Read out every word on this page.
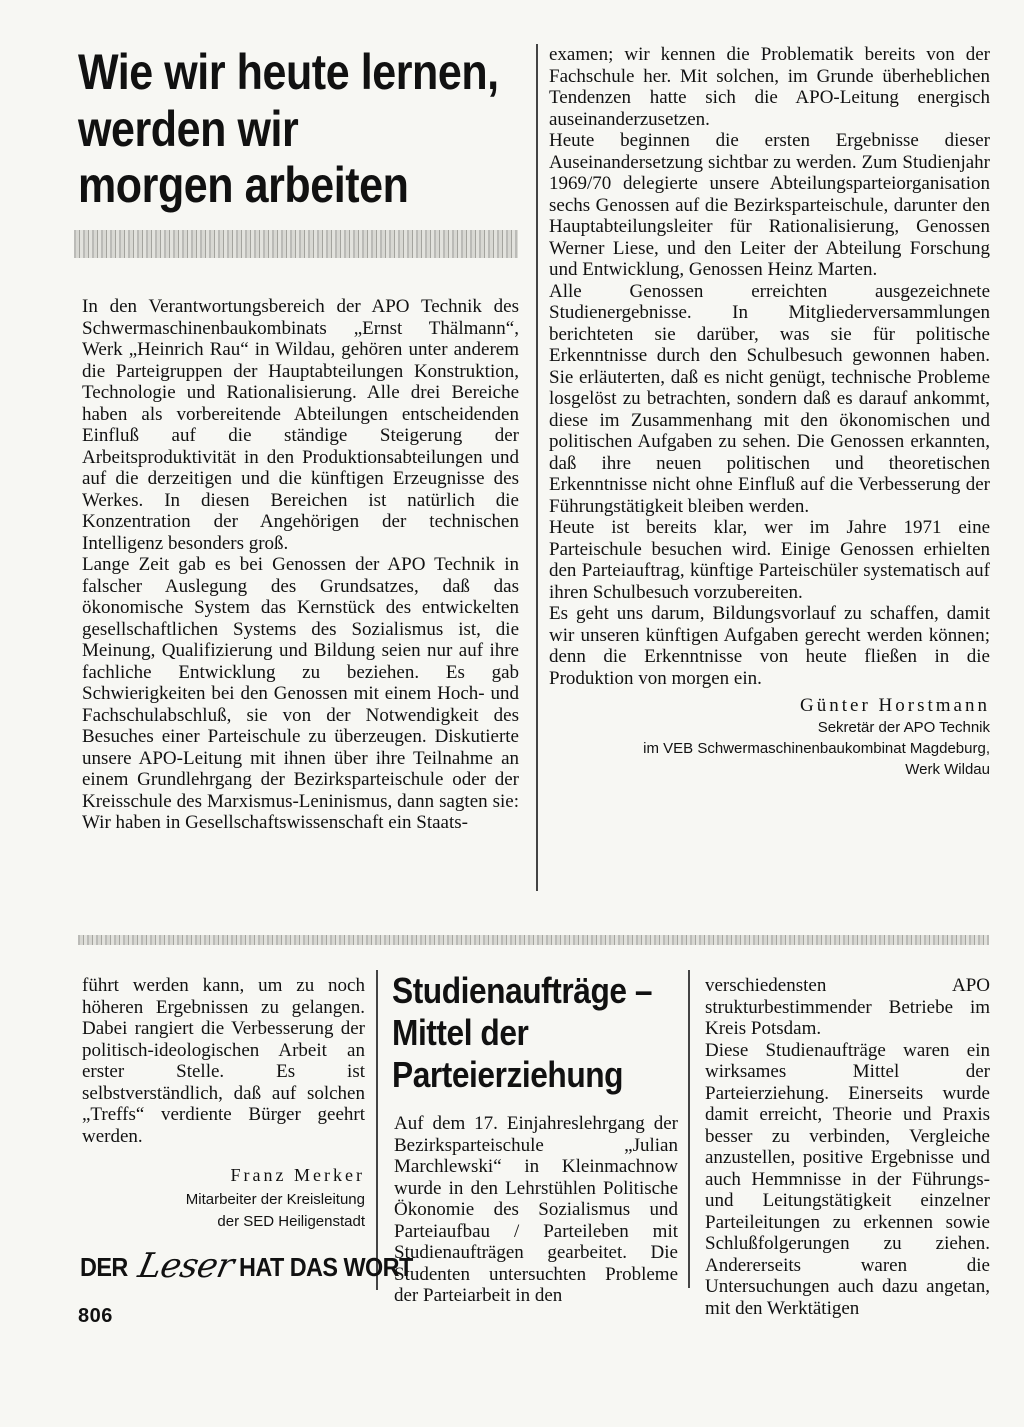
Wie wir heute lernen,
werden wir
morgen arbeiten

In den Verantwortungsbereich der APO Technik des Schwermaschinenbaukombinats „Ernst Thälmann“, Werk „Heinrich Rau“ in Wildau, gehören unter anderem die Parteigruppen der Hauptabteilungen Konstruktion, Technologie und Rationalisierung. Alle drei Bereiche haben als vorbereitende Abteilungen entscheidenden Einfluß auf die ständige Steigerung der Arbeitsproduktivität in den Produktionsabteilungen und auf die derzeitigen und die künftigen Erzeugnisse des Werkes. In diesen Bereichen ist natürlich die Konzentration der Angehörigen der technischen Intelligenz besonders groß.

Lange Zeit gab es bei Genossen der APO Technik in falscher Auslegung des Grundsatzes, daß das ökonomische System das Kernstück des entwickelten gesellschaftlichen Systems des Sozialismus ist, die Meinung, Qualifizierung und Bildung seien nur auf ihre fachliche Entwicklung zu beziehen. Es gab Schwierigkeiten bei den Genossen mit einem Hoch- und Fachschulabschluß, sie von der Notwendigkeit des Besuches einer Parteischule zu überzeugen. Diskutierte unsere APO-Leitung mit ihnen über ihre Teilnahme an einem Grundlehrgang der Bezirksparteischule oder der Kreisschule des Marxismus-Leninismus, dann sagten sie: Wir haben in Gesellschaftswissenschaft ein Staats-

examen; wir kennen die Problematik bereits von der Fachschule her. Mit solchen, im Grunde überheblichen Tendenzen hatte sich die APO-Leitung energisch auseinanderzusetzen.

Heute beginnen die ersten Ergebnisse dieser Auseinandersetzung sichtbar zu werden. Zum Studienjahr 1969/70 delegierte unsere Abteilungsparteiorganisation sechs Genossen auf die Bezirksparteischule, darunter den Hauptabteilungsleiter für Rationalisierung, Genossen Werner Liese, und den Leiter der Abteilung Forschung und Entwicklung, Genossen Heinz Marten.

Alle Genossen erreichten ausgezeichnete Studienergebnisse. In Mitgliederversammlungen berichteten sie darüber, was sie für politische Erkenntnisse durch den Schulbesuch gewonnen haben. Sie erläuterten, daß es nicht genügt, technische Probleme losgelöst zu betrachten, sondern daß es darauf ankommt, diese im Zusammenhang mit den ökonomischen und politischen Aufgaben zu sehen. Die Genossen erkannten, daß ihre neuen politischen und theoretischen Erkenntnisse nicht ohne Einfluß auf die Verbesserung der Führungstätigkeit bleiben werden.

Heute ist bereits klar, wer im Jahre 1971 eine Parteischule besuchen wird. Einige Genossen erhielten den Parteiauftrag, künftige Parteischüler systematisch auf ihren Schulbesuch vorzubereiten.

Es geht uns darum, Bildungsvorlauf zu schaffen, damit wir unseren künftigen Aufgaben gerecht werden können; denn die Erkenntnisse von heute fließen in die Produktion von morgen ein.

Günter Horstmann
Sekretär der APO Technik
im VEB Schwermaschinenbaukombinat Magdeburg,
Werk Wildau

führt werden kann, um zu noch höheren Ergebnissen zu gelangen. Dabei rangiert die Verbesserung der politisch-ideologischen Arbeit an erster Stelle. Es ist selbstverständlich, daß auf solchen „Treffs“ verdiente Bürger geehrt werden.

Franz Merker
Mitarbeiter der Kreisleitung
der SED Heiligenstadt
Studienaufträge –
Mittel der
Parteierziehung

Auf dem 17. Einjahreslehrgang der Bezirksparteischule „Julian Marchlewski“ in Kleinmachnow wurde in den Lehrstühlen Politische Ökonomie des Sozialismus und Parteiaufbau / Parteileben mit Studienaufträgen gearbeitet. Die Studenten untersuchten Probleme der Parteiarbeit in den

verschiedensten APO strukturbestimmender Betriebe im Kreis Potsdam.

Diese Studienaufträge waren ein wirksames Mittel der Parteierziehung. Einerseits wurde damit erreicht, Theorie und Praxis besser zu verbinden, Vergleiche anzustellen, positive Ergebnisse und auch Hemmnisse in der Führungs- und Leitungstätigkeit einzelner Parteileitungen zu erkennen sowie Schlußfolgerungen zu ziehen. Andererseits waren die Untersuchungen auch dazu angetan, mit den Werktätigen

DER Leser HAT DAS WORT
806
